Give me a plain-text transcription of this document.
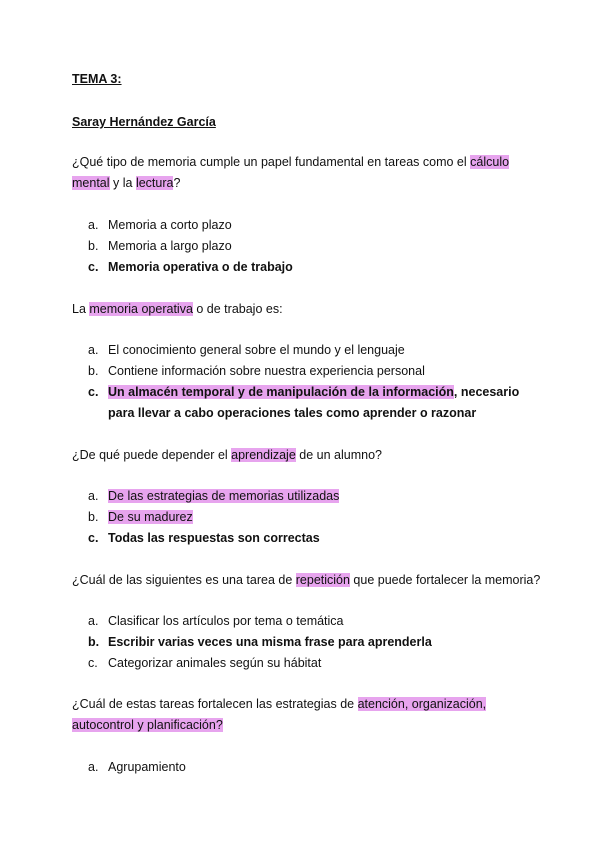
TEMA 3:
Saray Hernández García
¿Qué tipo de memoria cumple un papel fundamental en tareas como el cálculo mental y la lectura?
a. Memoria a corto plazo
b. Memoria a largo plazo
c. Memoria operativa o de trabajo
La memoria operativa o de trabajo es:
a. El conocimiento general sobre el mundo y el lenguaje
b. Contiene información sobre nuestra experiencia personal
c. Un almacén temporal y de manipulación de la información, necesario para llevar a cabo operaciones tales como aprender o razonar
¿De qué puede depender el aprendizaje de un alumno?
a. De las estrategias de memorias utilizadas
b. De su madurez
c. Todas las respuestas son correctas
¿Cuál de las siguientes es una tarea de repetición que puede fortalecer la memoria?
a. Clasificar los artículos por tema o temática
b. Escribir varias veces una misma frase para aprenderla
c. Categorizar animales según su hábitat
¿Cuál de estas tareas fortalecen las estrategias de atención, organización, autocontrol y planificación?
a. Agrupamiento
